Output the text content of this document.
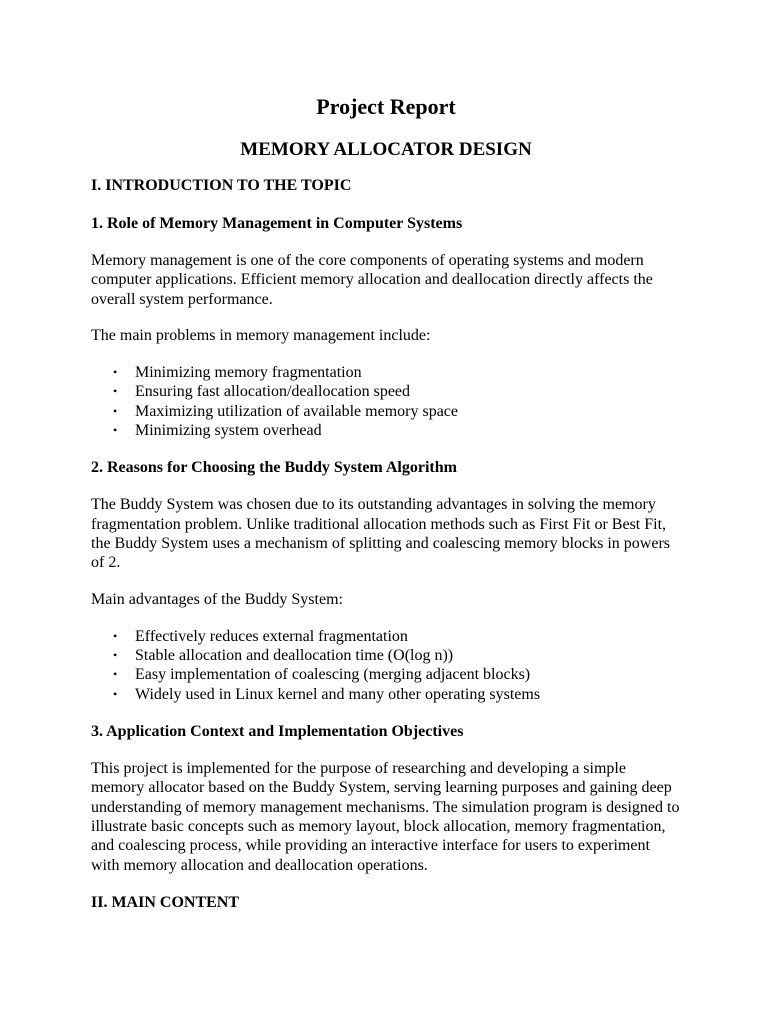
Project Report
MEMORY ALLOCATOR DESIGN
I. INTRODUCTION TO THE TOPIC
1. Role of Memory Management in Computer Systems

Memory management is one of the core components of operating systems and modern computer applications. Efficient memory allocation and deallocation directly affects the overall system performance.

The main problems in memory management include:

• Minimizing memory fragmentation
• Ensuring fast allocation/deallocation speed
• Maximizing utilization of available memory space
• Minimizing system overhead
2. Reasons for Choosing the Buddy System Algorithm

The Buddy System was chosen due to its outstanding advantages in solving the memory fragmentation problem. Unlike traditional allocation methods such as First Fit or Best Fit, the Buddy System uses a mechanism of splitting and coalescing memory blocks in powers of 2.

Main advantages of the Buddy System:

• Effectively reduces external fragmentation
• Stable allocation and deallocation time (O(log n))
• Easy implementation of coalescing (merging adjacent blocks)
• Widely used in Linux kernel and many other operating systems
3. Application Context and Implementation Objectives

This project is implemented for the purpose of researching and developing a simple memory allocator based on the Buddy System, serving learning purposes and gaining deep understanding of memory management mechanisms. The simulation program is designed to illustrate basic concepts such as memory layout, block allocation, memory fragmentation, and coalescing process, while providing an interactive interface for users to experiment with memory allocation and deallocation operations.

II. MAIN CONTENT
